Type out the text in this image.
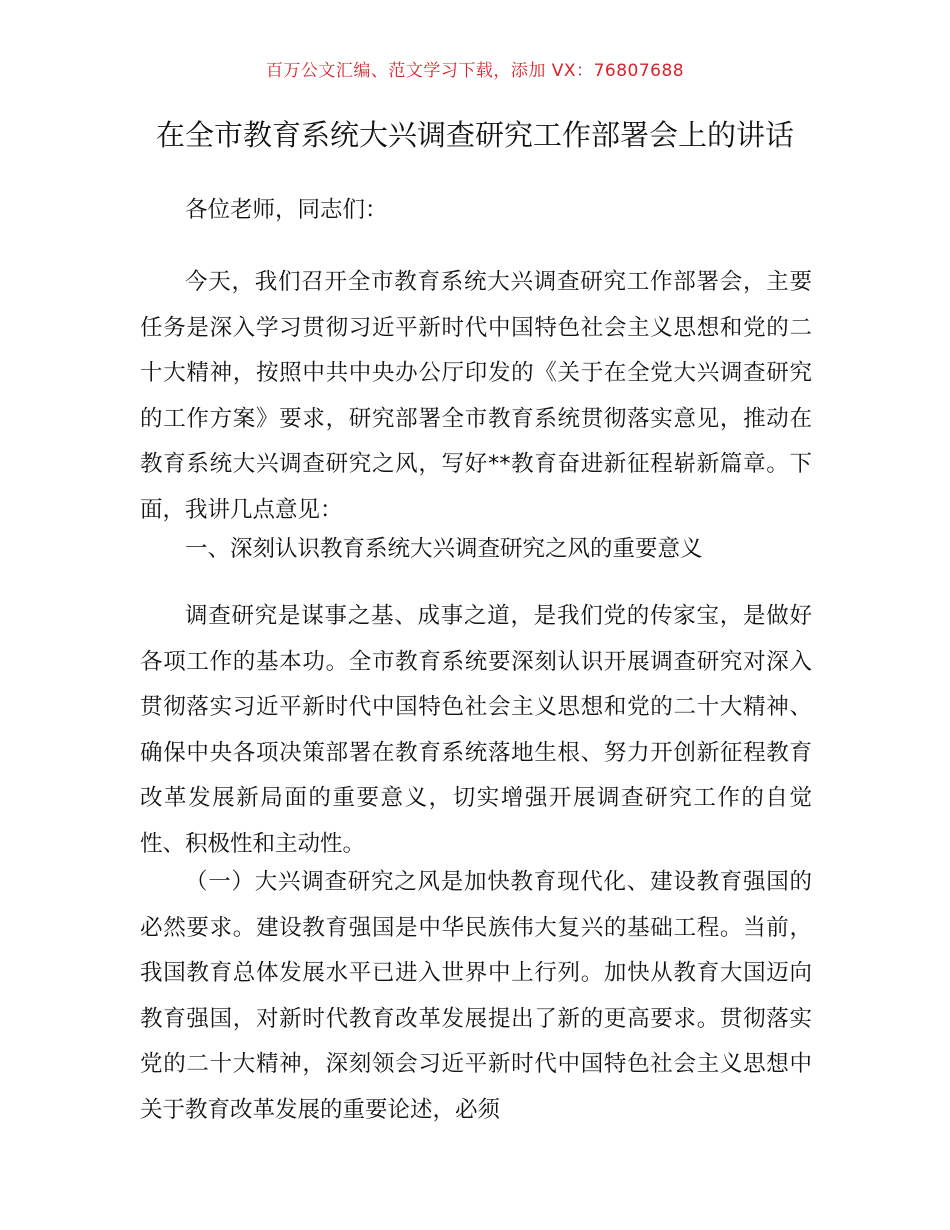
百万公文汇编、范文学习下载，添加 VX：76807688
在全市教育系统大兴调查研究工作部署会上的讲话

各位老师，同志们：

今天，我们召开全市教育系统大兴调查研究工作部署会，主要任务是深入学习贯彻习近平新时代中国特色社会主义思想和党的二十大精神，按照中共中央办公厅印发的《关于在全党大兴调查研究的工作方案》要求，研究部署全市教育系统贯彻落实意见，推动在教育系统大兴调查研究之风，写好**教育奋进新征程崭新篇章。下面，我讲几点意见：

一、深刻认识教育系统大兴调查研究之风的重要意义

调查研究是谋事之基、成事之道，是我们党的传家宝，是做好各项工作的基本功。全市教育系统要深刻认识开展调查研究对深入贯彻落实习近平新时代中国特色社会主义思想和党的二十大精神、确保中央各项决策部署在教育系统落地生根、努力开创新征程教育改革发展新局面的重要意义，切实增强开展调查研究工作的自觉性、积极性和主动性。

（一）大兴调查研究之风是加快教育现代化、建设教育强国的必然要求。建设教育强国是中华民族伟大复兴的基础工程。当前，我国教育总体发展水平已进入世界中上行列。加快从教育大国迈向教育强国，对新时代教育改革发展提出了新的更高要求。贯彻落实党的二十大精神，深刻领会习近平新时代中国特色社会主义思想中关于教育改革发展的重要论述，必须
